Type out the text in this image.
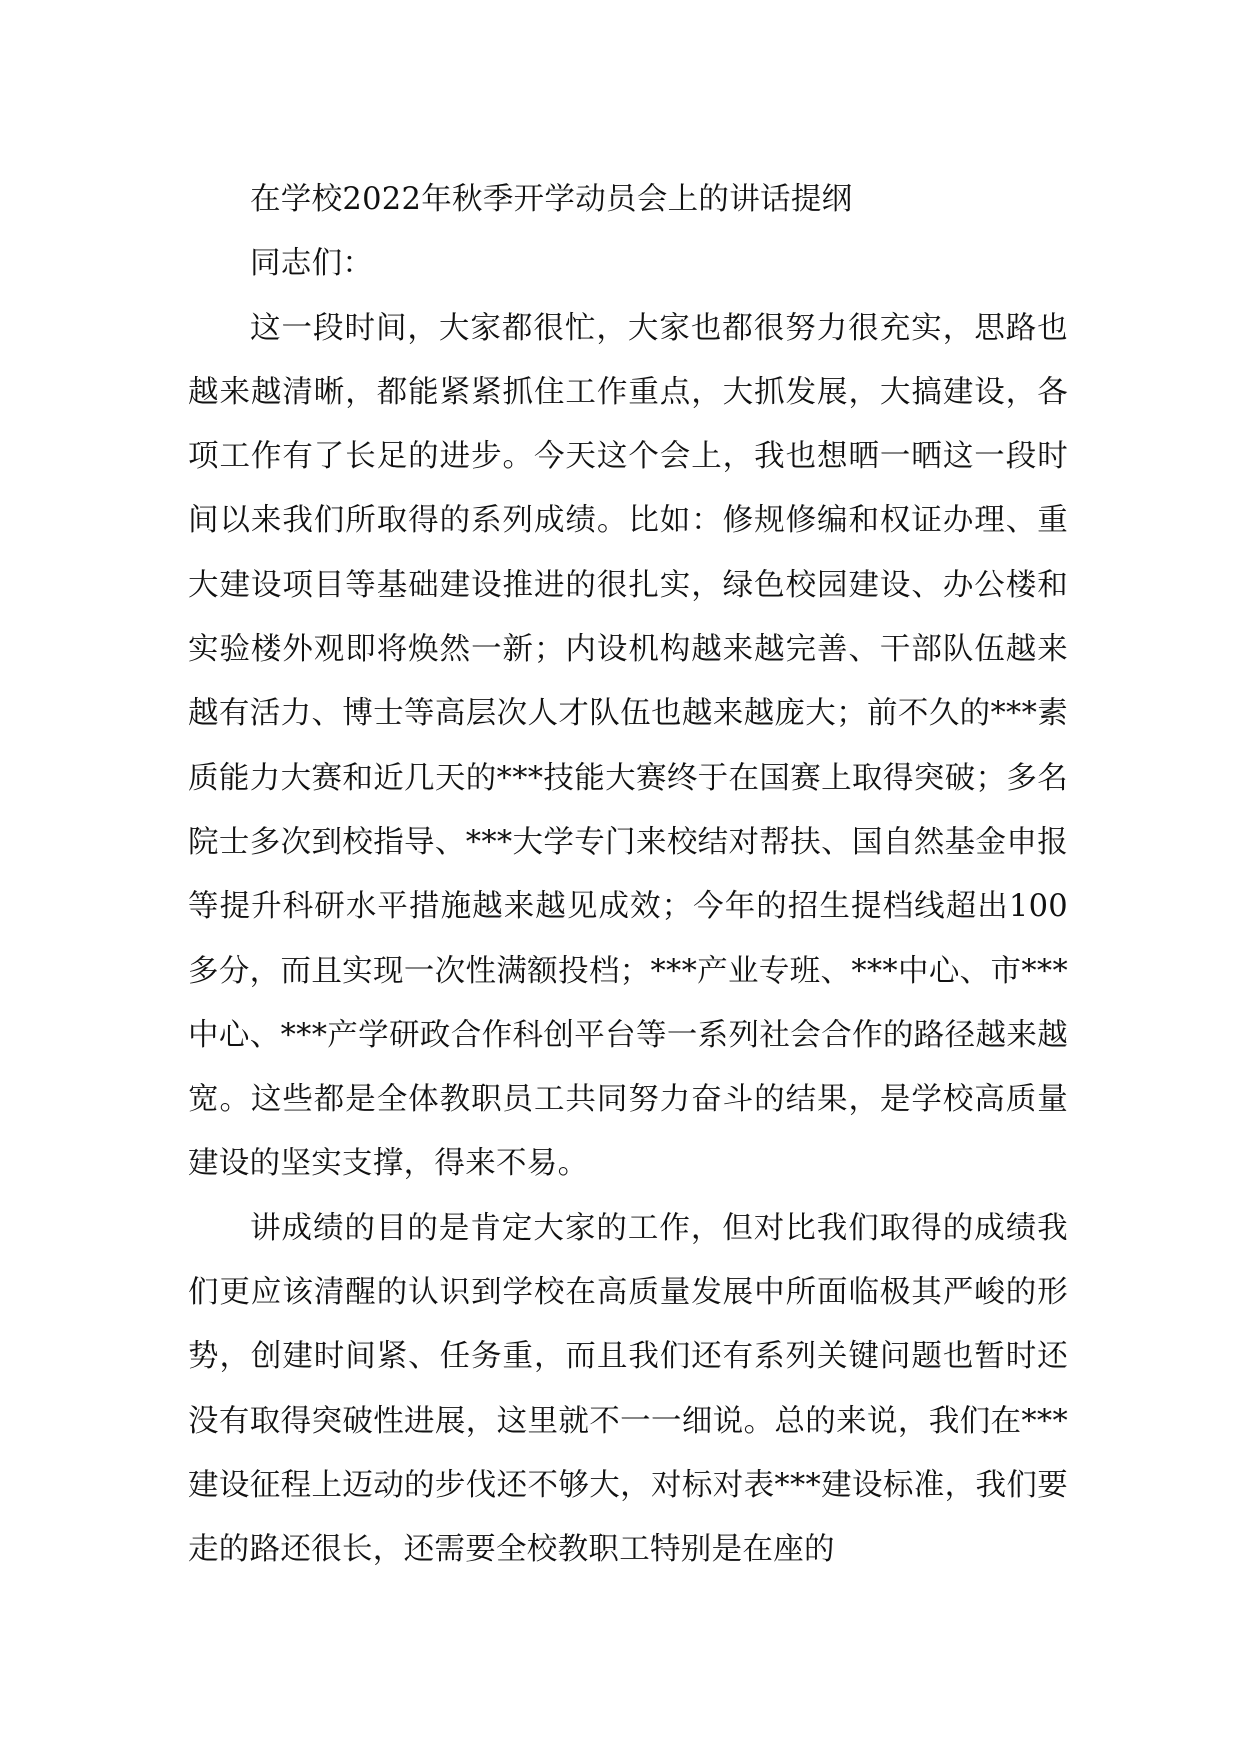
在学校2022年秋季开学动员会上的讲话提纲

同志们：

这一段时间，大家都很忙，大家也都很努力很充实，思路也越来越清晰，都能紧紧抓住工作重点，大抓发展，大搞建设，各项工作有了长足的进步。今天这个会上，我也想晒一晒这一段时间以来我们所取得的系列成绩。比如：修规修编和权证办理、重大建设项目等基础建设推进的很扎实，绿色校园建设、办公楼和实验楼外观即将焕然一新；内设机构越来越完善、干部队伍越来越有活力、博士等高层次人才队伍也越来越庞大；前不久的***素质能力大赛和近几天的***技能大赛终于在国赛上取得突破；多名院士多次到校指导、***大学专门来校结对帮扶、国自然基金申报等提升科研水平措施越来越见成效；今年的招生提档线超出100多分，而且实现一次性满额投档；***产业专班、***中心、市***中心、***产学研政合作科创平台等一系列社会合作的路径越来越宽。这些都是全体教职员工共同努力奋斗的结果，是学校高质量建设的坚实支撑，得来不易。

讲成绩的目的是肯定大家的工作，但对比我们取得的成绩我们更应该清醒的认识到学校在高质量发展中所面临极其严峻的形势，创建时间紧、任务重，而且我们还有系列关键问题也暂时还没有取得突破性进展，这里就不一一细说。总的来说，我们在***建设征程上迈动的步伐还不够大，对标对表***建设标准，我们要走的路还很长，还需要全校教职工特别是在座的
